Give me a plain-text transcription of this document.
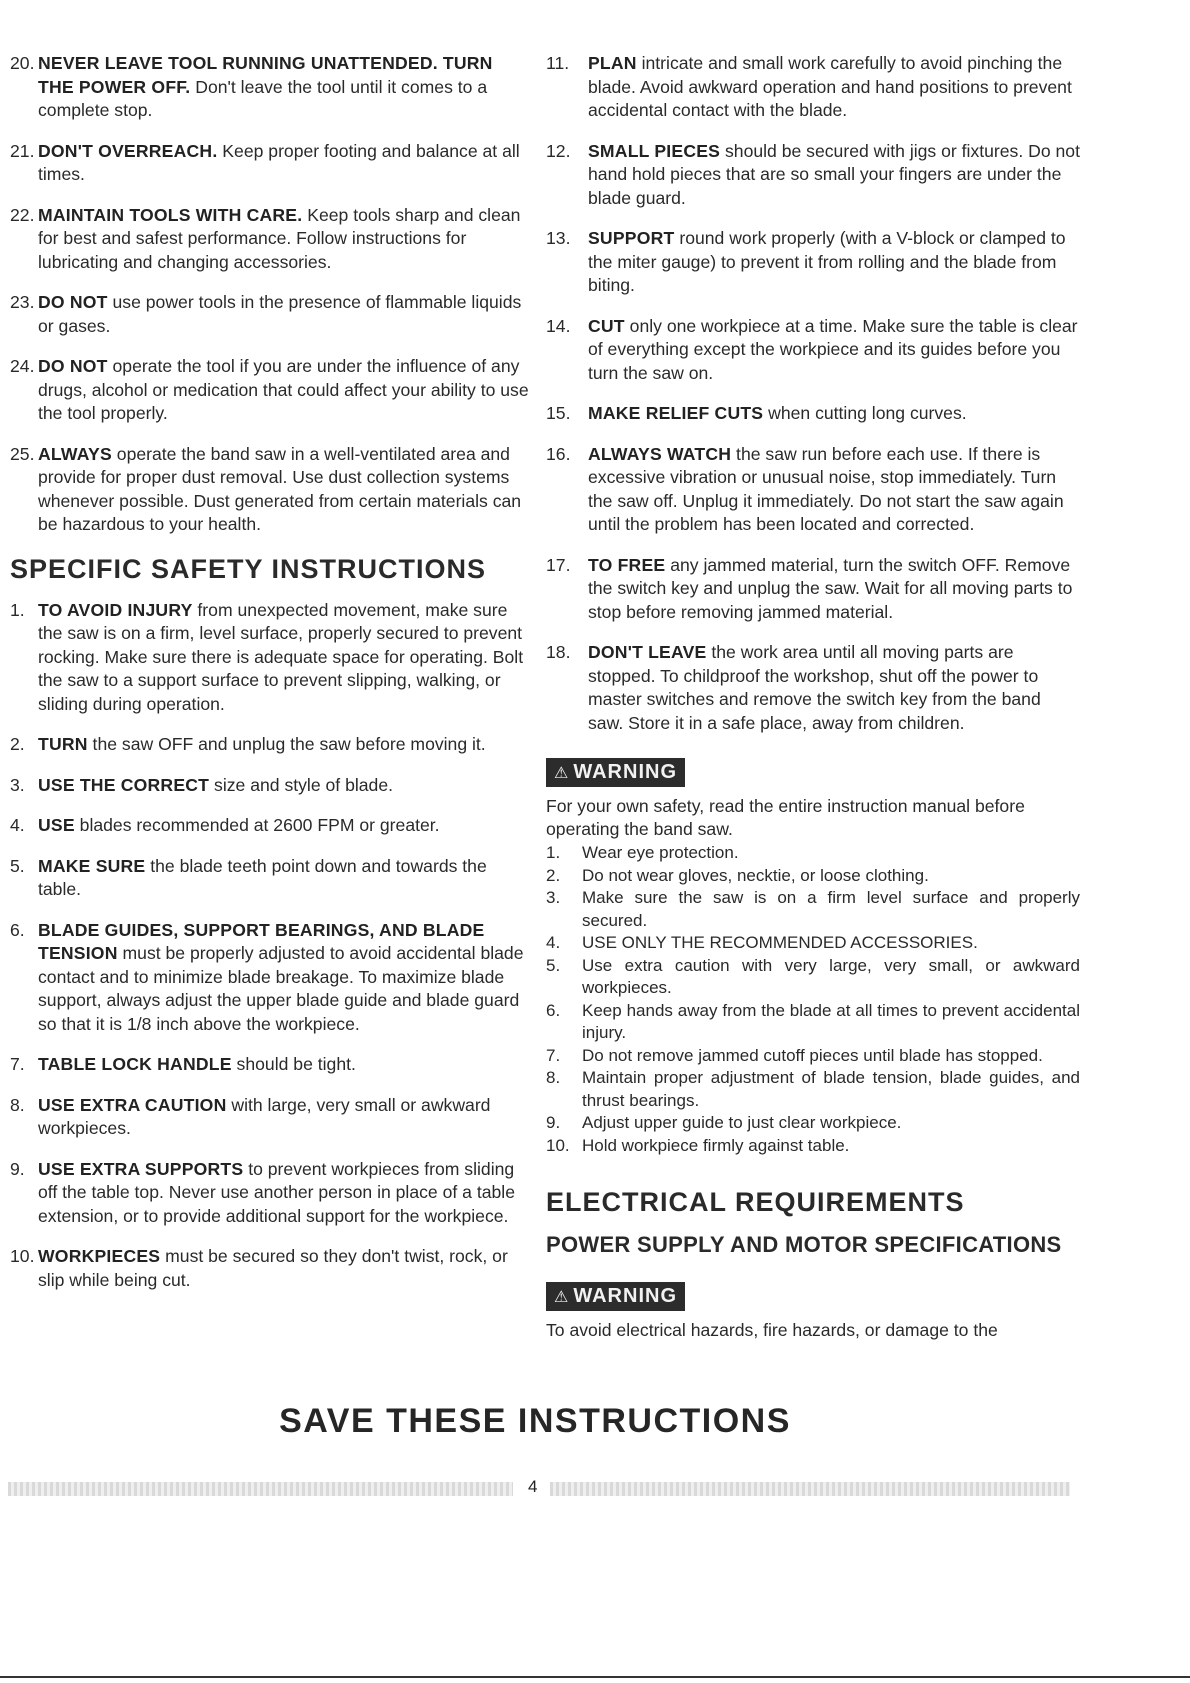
20. NEVER LEAVE TOOL RUNNING UNATTENDED. TURN THE POWER OFF. Don't leave the tool until it comes to a complete stop.
21. DON'T OVERREACH. Keep proper footing and balance at all times.
22. MAINTAIN TOOLS WITH CARE. Keep tools sharp and clean for best and safest performance. Follow instructions for lubricating and changing accessories.
23. DO NOT use power tools in the presence of flammable liquids or gases.
24. DO NOT operate the tool if you are under the influence of any drugs, alcohol or medication that could affect your ability to use the tool properly.
25. ALWAYS operate the band saw in a well-ventilated area and provide for proper dust removal. Use dust collection systems whenever possible. Dust generated from certain materials can be hazardous to your health.
SPECIFIC SAFETY INSTRUCTIONS
1. TO AVOID INJURY from unexpected movement, make sure the saw is on a firm, level surface, properly secured to prevent rocking. Make sure there is adequate space for operating. Bolt the saw to a support surface to prevent slipping, walking, or sliding during operation.
2. TURN the saw OFF and unplug the saw before moving it.
3. USE THE CORRECT size and style of blade.
4. USE blades recommended at 2600 FPM or greater.
5. MAKE SURE the blade teeth point down and towards the table.
6. BLADE GUIDES, SUPPORT BEARINGS, AND BLADE TENSION must be properly adjusted to avoid accidental blade contact and to minimize blade breakage. To maximize blade support, always adjust the upper blade guide and blade guard so that it is 1/8 inch above the workpiece.
7. TABLE LOCK HANDLE should be tight.
8. USE EXTRA CAUTION with large, very small or awkward workpieces.
9. USE EXTRA SUPPORTS to prevent workpieces from sliding off the table top. Never use another person in place of a table extension, or to provide additional support for the workpiece.
10. WORKPIECES must be secured so they don't twist, rock, or slip while being cut.
11.	PLAN intricate and small work carefully to avoid pinching the blade. Avoid awkward operation and hand positions to prevent accidental contact with the blade.
12. SMALL PIECES should be secured with jigs or fixtures. Do not hand hold pieces that are so small your fingers are under the blade guard.
13. SUPPORT round work properly (with a V-block or clamped to the miter gauge) to prevent it from rolling and the blade from biting.
14. CUT only one workpiece at a time. Make sure the table is clear of everything except the workpiece and its guides before you turn the saw on.
15. MAKE RELIEF CUTS when cutting long curves.
16. ALWAYS WATCH the saw run before each use. If there is excessive vibration or unusual noise, stop immediately. Turn the saw off. Unplug it immediately. Do not start the saw again until the problem has been located and corrected.
17. TO FREE any jammed material, turn the switch OFF. Remove the switch key and unplug the saw. Wait for all moving parts to stop before removing jammed material.
18. DON'T LEAVE the work area until all moving parts are stopped. To childproof the workshop, shut off the power to master switches and remove the switch key from the band saw. Store it in a safe place, away from children.
⚠ WARNING
For your own safety, read the entire instruction manual before operating the band saw.
1.	Wear eye protection.
2.	Do not wear gloves, necktie, or loose clothing.
3.	Make sure the saw is on a firm level surface and properly secured.
4.	USE ONLY THE RECOMMENDED ACCESSORIES.
5.	Use extra caution with very large, very small, or awkward workpieces.
6.	Keep hands away from the blade at all times to prevent accidental injury.
7.	Do not remove jammed cutoff pieces until blade has stopped.
8.	Maintain proper adjustment of blade tension, blade guides, and thrust bearings.
9.	Adjust upper guide to just clear workpiece.
10. Hold workpiece firmly against table.
ELECTRICAL REQUIREMENTS
POWER SUPPLY AND MOTOR SPECIFICATIONS
⚠ WARNING
To avoid electrical hazards, fire hazards, or damage to the
SAVE THESE INSTRUCTIONS
4
